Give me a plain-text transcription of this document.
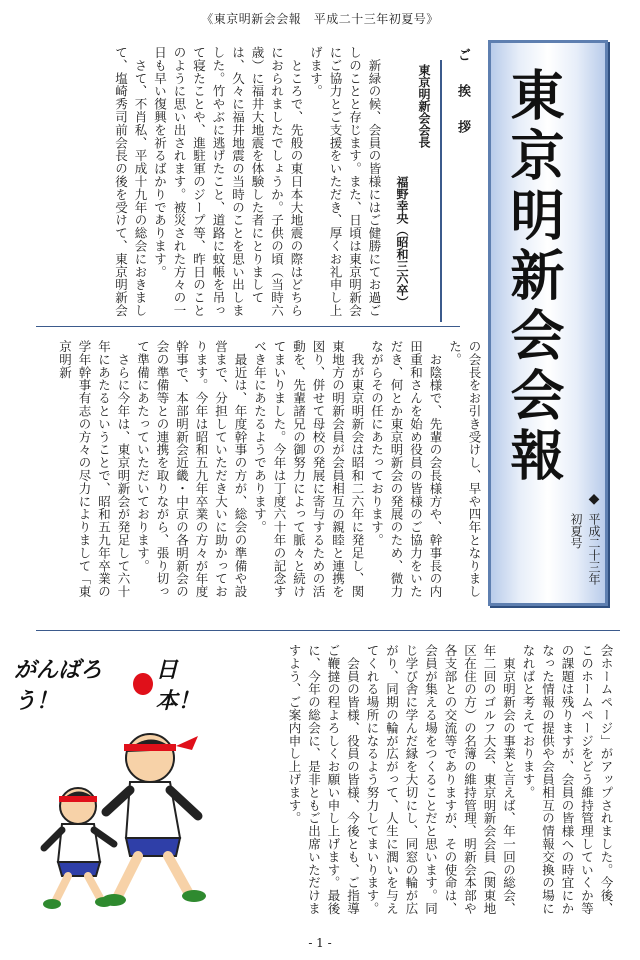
《東京明新会会報　平成二十三年初夏号》
東京明新会会報
◆
平成二十三年　初夏号
ご 挨 拶
東京明新会会長
福野幸央（昭和三六卒）

　新緑の候、会員の皆様にはご健勝にてお過ごしのことと存じます。また、日頃は東京明新会にご協力とご支援をいただき、厚くお礼申し上げます。

　ところで、先般の東日本大地震の際はどちらにおられましたでしょうか。子供の頃（当時六歳）に福井大地震を体験した者にとりましては、久々に福井地震の当時のことを思い出しました。竹やぶに逃げたこと、道路に蚊帳を吊って寝たことや、進駐軍のジープ等、昨日のことのように思い出されます。被災された方々の一日も早い復興を祈るばかりであります。

　さて、不肖私、平成十九年の総会におきまして、塩崎秀司前会長の後を受けて、東京明新会

の会長をお引き受けし、早や四年となりました。

　お陰様で、先輩の会長様方や、幹事長の内田重和さんを始め役員の皆様のご協力をいただき、何とか東京明新会の発展のため、微力ながらその任にあたっております。

　我が東京明新会は昭和二六年に発足し、関東地方の明新会員が会員相互の親睦と連携を図り、併せて母校の発展に寄与するための活動を、先輩諸兄の御努力によって脈々と続けてまいりました。今年は丁度六十年の記念すべき年にあたるようであります。

　最近は、年度幹事の方が、総会の準備や設営まで、分担していただき大いに助かっております。今年は昭和五九年卒業の方々が年度幹事で、本部明新会近畿・中京の各明新会の会の準備等との連携を取りながら、張り切って準備にあたっていただいております。

　さらに今年は、東京明新会が発足して六十年にあたるということで、昭和五九年卒業の学年幹事有志の方々の尽力によりまして「東京明新

会ホームページ」がアップされました。今後、このホームページをどう維持管理していくか等の課題は残りますが、会員の皆様への時宜にかなった情報の提供や会員相互の情報交換の場になればと考えております。

　東京明新会の事業と言えば、年一回の総会、年二回のゴルフ大会、東京明新会会員（関東地区在住の方）の名簿の維持管理、明新会本部や各支部との交流等でありますが、その使命は、会員が集える場をつくることだと思います。同じ学び舎に学んだ縁を大切にし、同窓の輪が広がり、同期の輪が広がって、人生に潤いを与えてくれる場所になるよう努力してまいります。

　会員の皆様、役員の皆様、今後とも、ご指導ご鞭撻の程よろしくお願い申し上げます。最後に、今年の総会に、是非ともご出席いただけますよう、ご案内申し上げます。

がんばろう！
日本！
- 1 -
